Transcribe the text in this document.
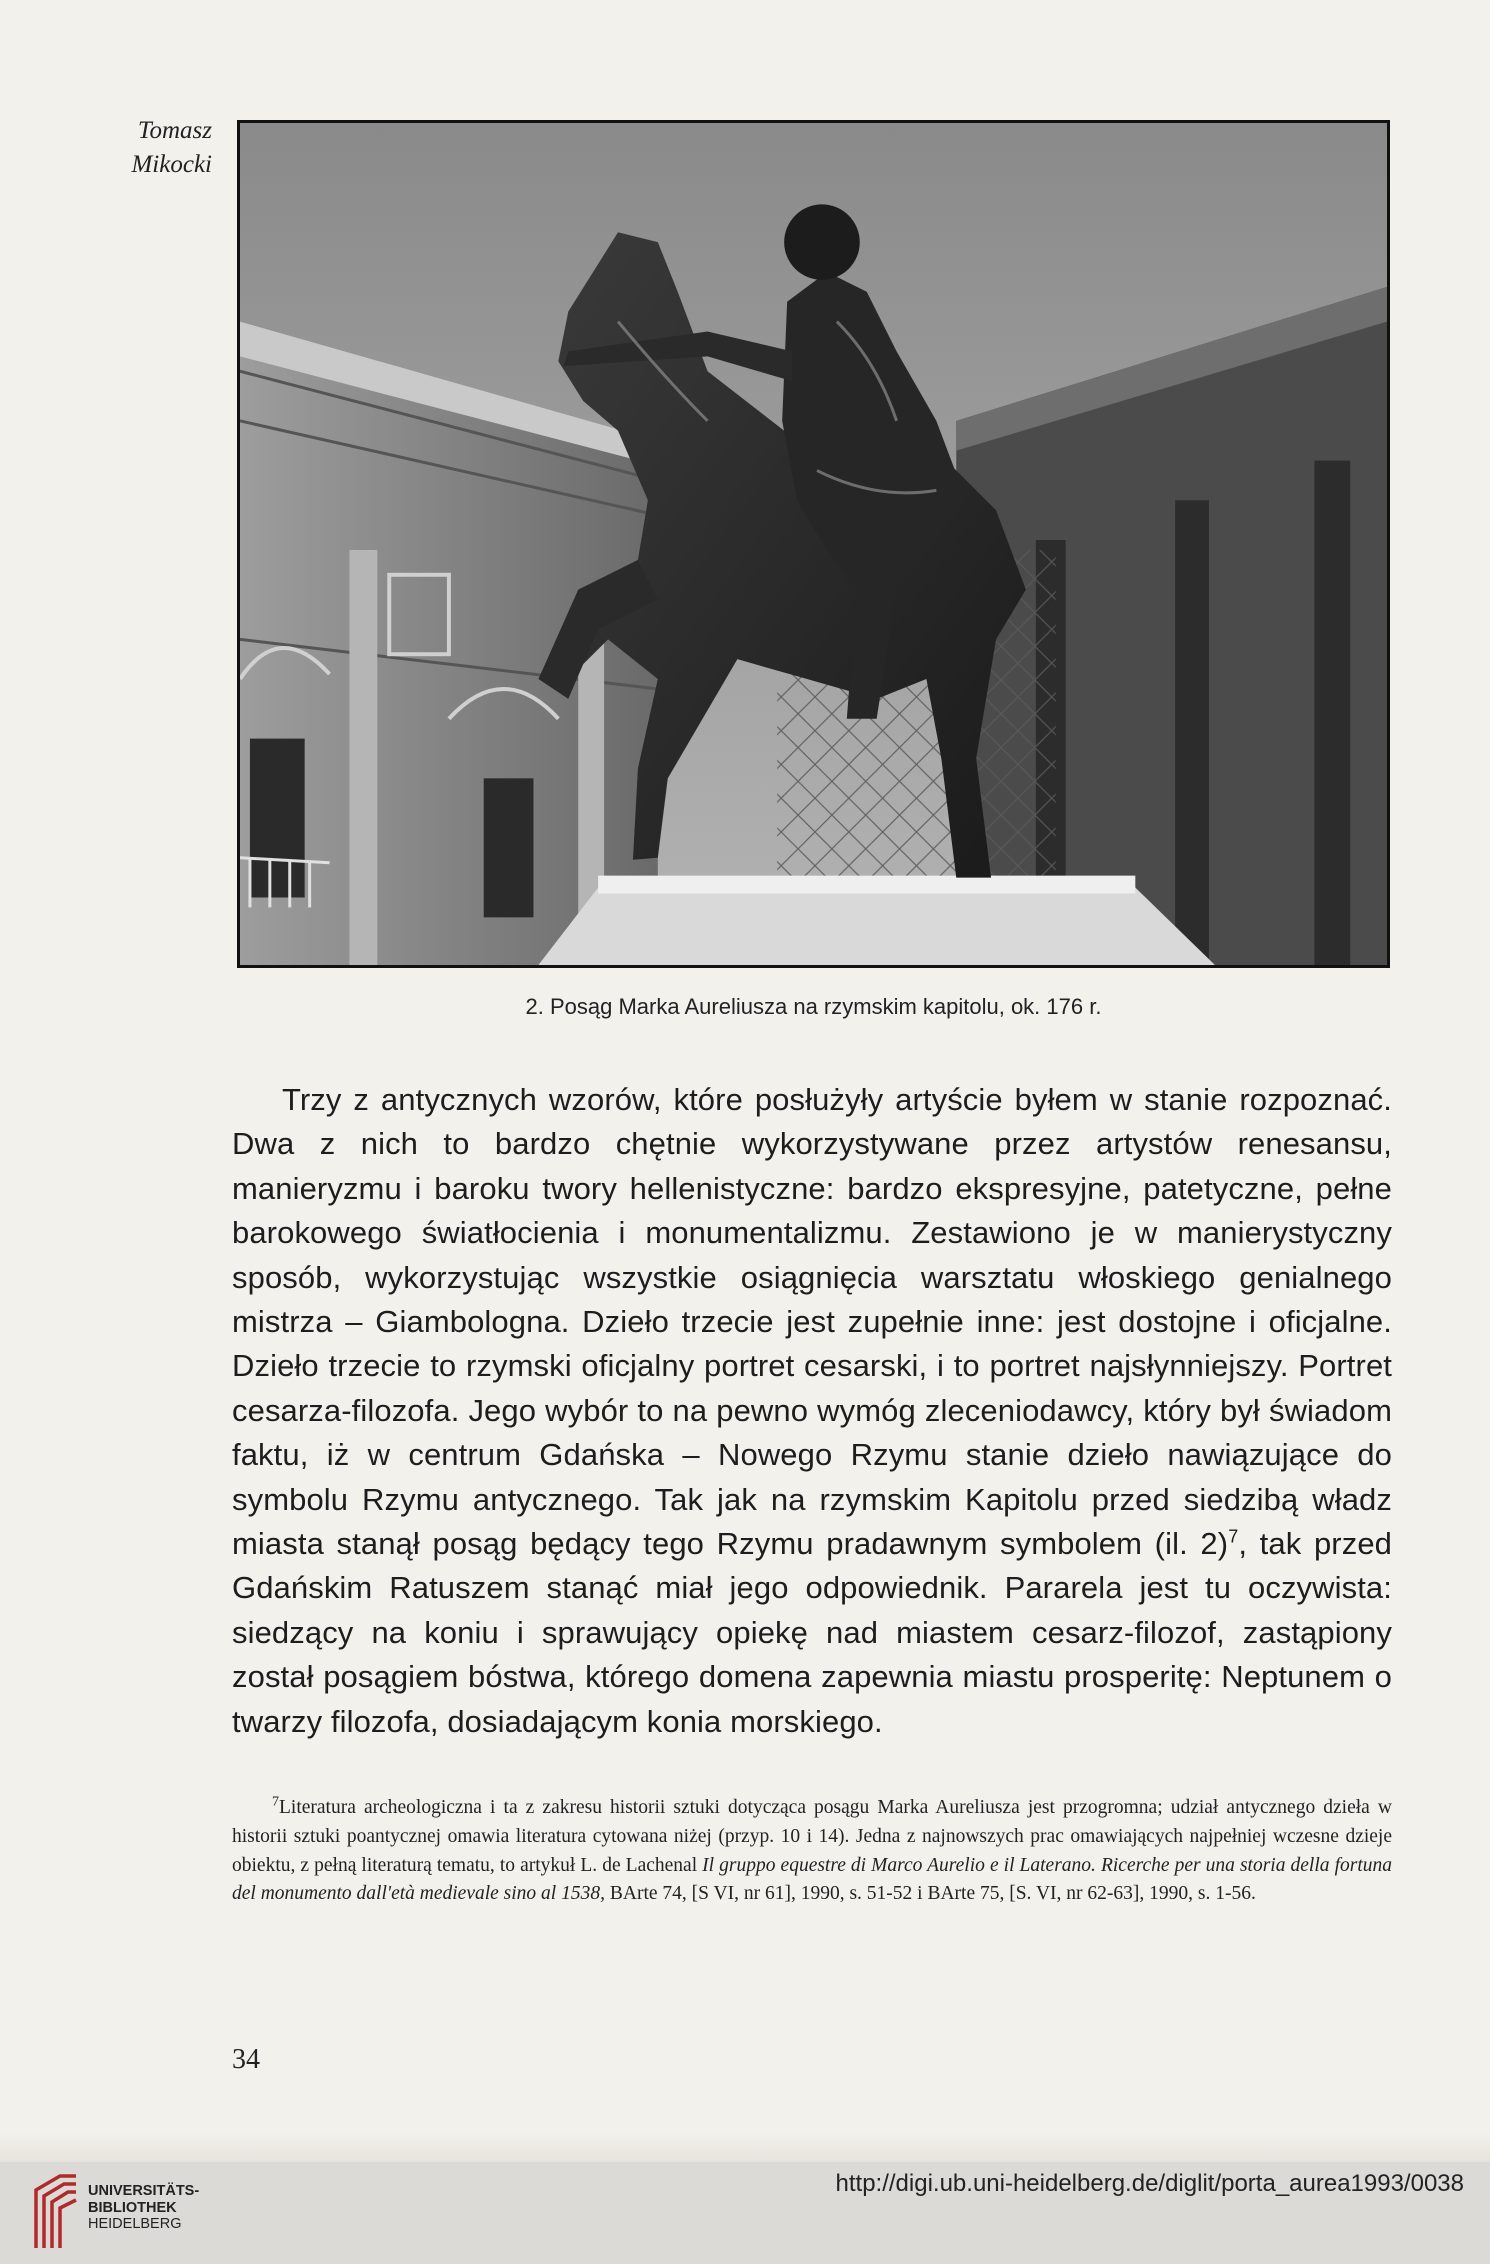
Tomasz
Mikocki
2. Posąg Marka Aureliusza na rzymskim kapitolu, ok. 176 r.

Trzy z antycznych wzorów, które posłużyły artyście byłem w stanie rozpoznać. Dwa z nich to bardzo chętnie wykorzystywane przez artystów renesansu, manieryzmu i baroku twory hellenistyczne: bardzo ekspresyjne, patetyczne, pełne barokowego światłocienia i monumentalizmu. Zestawiono je w manierystyczny sposób, wykorzystując wszystkie osiągnięcia warsztatu włoskiego genialnego mistrza – Giambologna. Dzieło trzecie jest zupełnie inne: jest dostojne i oficjalne. Dzieło trzecie to rzymski oficjalny portret cesarski, i to portret najsłynniejszy. Portret cesarza-filozofa. Jego wybór to na pewno wymóg zleceniodawcy, który był świadom faktu, iż w centrum Gdańska – Nowego Rzymu stanie dzieło nawiązujące do symbolu Rzymu antycznego. Tak jak na rzymskim Kapitolu przed siedzibą władz miasta stanął posąg będący tego Rzymu pradawnym symbolem (il. 2)$^7$, tak przed Gdańskim Ratuszem stanąć miał jego odpowiednik. Pararela jest tu oczywista: siedzący na koniu i sprawujący opiekę nad miastem cesarz-filozof, zastąpiony został posągiem bóstwa, którego domena zapewnia miastu prosperitę: Neptunem o twarzy filozofa, dosiadającym konia morskiego.

$^7$Literatura archeologiczna i ta z zakresu historii sztuki dotycząca posągu Marka Aureliusza jest przogromna; udział antycznego dzieła w historii sztuki poantycznej omawia literatura cytowana niżej (przyp. 10 i 14). Jedna z najnowszych prac omawiających najpełniej wczesne dzieje obiektu, z pełną literaturą tematu, to artykuł L. de Lachenal Il gruppo equestre di Marco Aurelio e il Laterano. Ricerche per una storia della fortuna del monumento dall'età medievale sino al 1538, BArte 74, [S VI, nr 61], 1990, s. 51-52 i BArte 75, [S. VI, nr 62-63], 1990, s. 1-56.

34
UNIVERSITÄTS-
BIBLIOTHEK
HEIDELBERG
http://digi.ub.uni-heidelberg.de/diglit/porta_aurea1993/0038
